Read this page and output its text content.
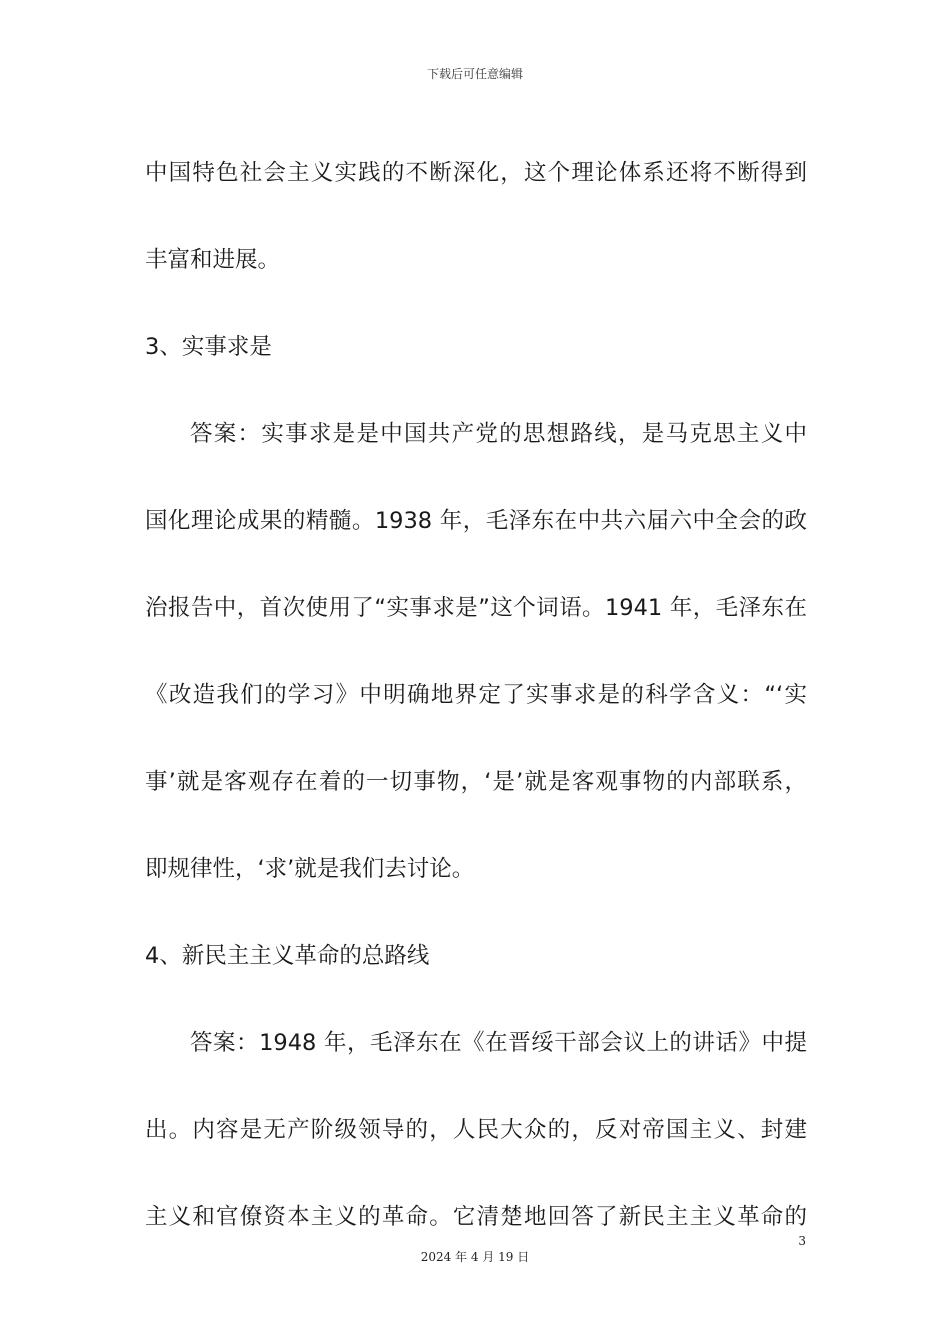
下载后可任意编辑
中国特色社会主义实践的不断深化，这个理论体系还将不断得到
丰富和进展。
3、实事求是
答案：实事求是是中国共产党的思想路线，是马克思主义中
国化理论成果的精髓。1938 年，毛泽东在中共六届六中全会的政
治报告中，首次使用了“实事求是”这个词语。1941 年，毛泽东在
《改造我们的学习》中明确地界定了实事求是的科学含义：“‘实
事’就是客观存在着的一切事物，‘是’就是客观事物的内部联系，
即规律性，‘求’就是我们去讨论。
4、新民主主义革命的总路线
答案：1948 年，毛泽东在《在晋绥干部会议上的讲话》中提
出。内容是无产阶级领导的，人民大众的，反对帝国主义、封建
主义和官僚资本主义的革命。它清楚地回答了新民主主义革命的
3
2024 年 4 月 19 日
